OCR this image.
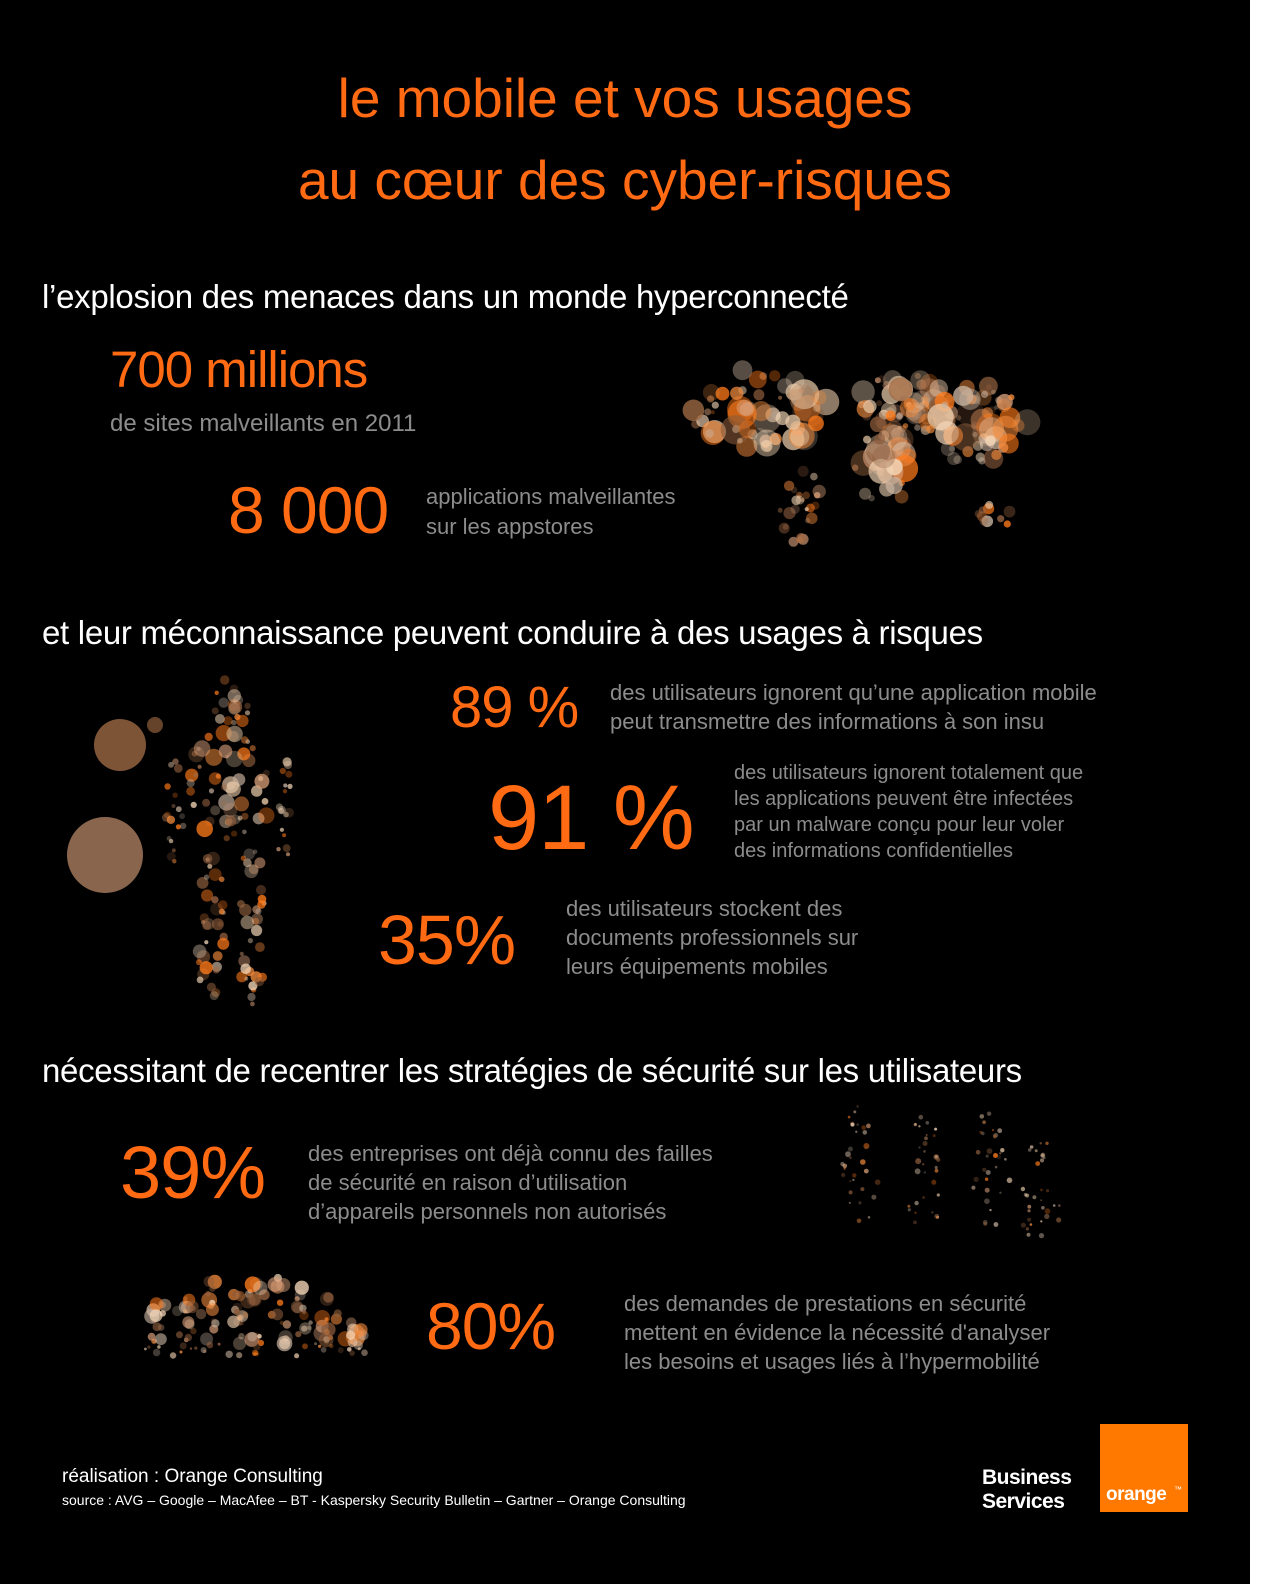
le mobile et vos usages
au cœur des cyber-risques
l’explosion des menaces dans un monde hyperconnecté
700 millions
de sites malveillants en 2011
8 000 applications malveillantes
sur les appstores
et leur méconnaissance peuvent conduire à des usages à risques
89 % des utilisateurs ignorent qu’une application mobile
peut transmettre des informations à son insu
91 % des utilisateurs ignorent totalement que
les applications peuvent être infectées
par un malware conçu pour leur voler
des informations confidentielles
35% des utilisateurs stockent des
documents professionnels sur
leurs équipements mobiles
nécessitant de recentrer les stratégies de sécurité sur les utilisateurs
39% des entreprises ont déjà connu des failles
de sécurité en raison d’utilisation
d’appareils personnels non autorisés
80%	des demandes de prestations en sécurité
mettent en évidence la nécessité d'analyser
les besoins et usages liés à l’hypermobilité
réalisation : Orange Consulting
source : AVG – Google – MacAfee – BT - Kaspersky Security Bulletin – Gartner – Orange Consulting
Business
Services	orange ™
